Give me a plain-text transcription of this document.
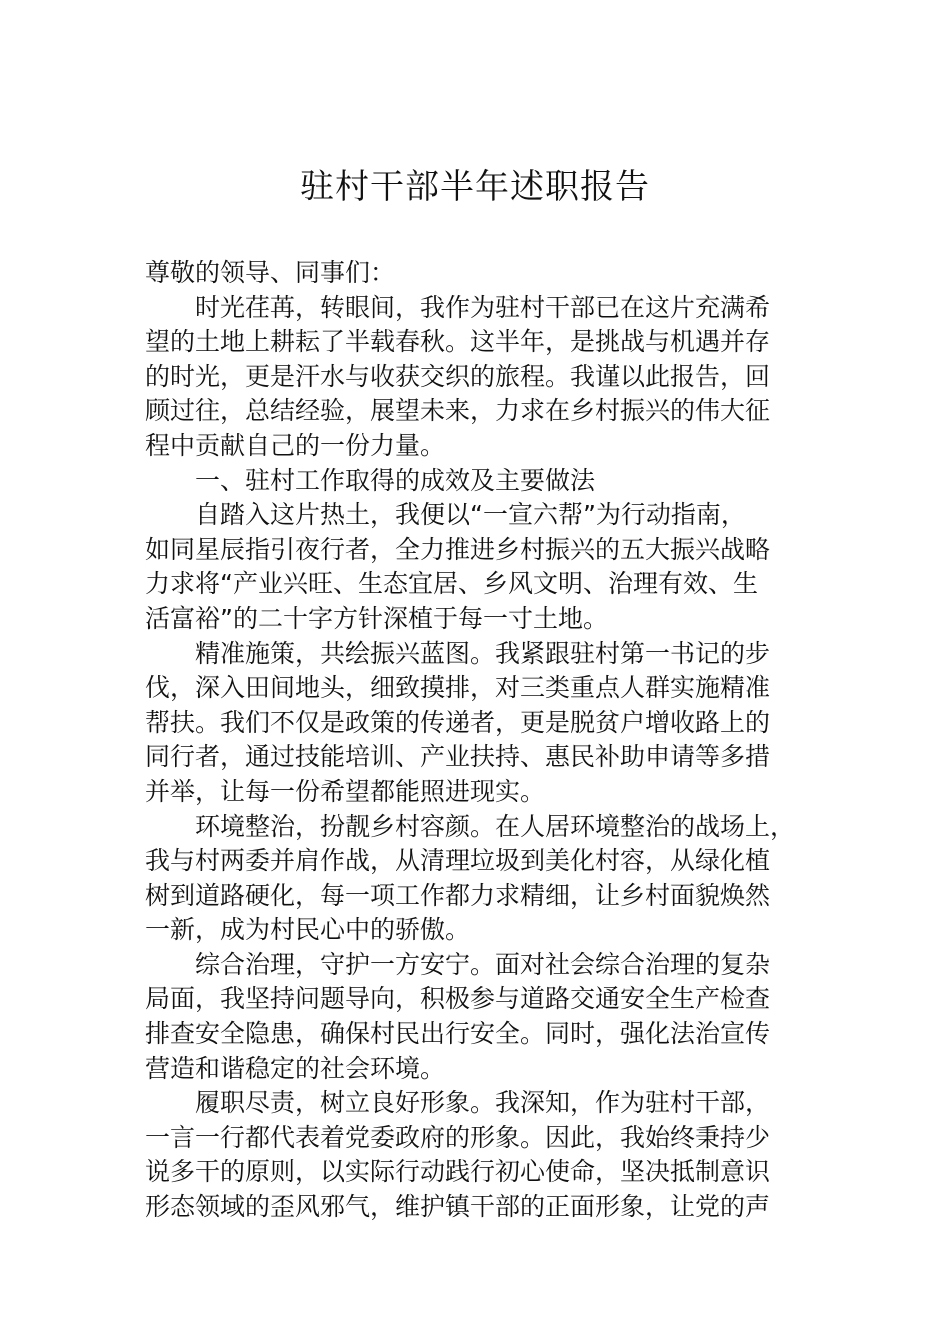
驻村干部半年述职报告
尊敬的领导、同事们：
时光荏苒，转眼间，我作为驻村干部已在这片充满希
望的土地上耕耘了半载春秋。这半年，是挑战与机遇并存
的时光，更是汗水与收获交织的旅程。我谨以此报告，回
顾过往，总结经验，展望未来，力求在乡村振兴的伟大征
程中贡献自己的一份力量。
一、驻村工作取得的成效及主要做法
自踏入这片热土，我便以“一宣六帮”为行动指南，
如同星辰指引夜行者，全力推进乡村振兴的五大振兴战略
力求将“产业兴旺、生态宜居、乡风文明、治理有效、生
活富裕”的二十字方针深植于每一寸土地。
精准施策，共绘振兴蓝图。我紧跟驻村第一书记的步
伐，深入田间地头，细致摸排，对三类重点人群实施精准
帮扶。我们不仅是政策的传递者，更是脱贫户增收路上的
同行者，通过技能培训、产业扶持、惠民补助申请等多措
并举，让每一份希望都能照进现实。
环境整治，扮靓乡村容颜。在人居环境整治的战场上，
我与村两委并肩作战，从清理垃圾到美化村容，从绿化植
树到道路硬化，每一项工作都力求精细，让乡村面貌焕然
一新，成为村民心中的骄傲。
综合治理，守护一方安宁。面对社会综合治理的复杂
局面，我坚持问题导向，积极参与道路交通安全生产检查
排查安全隐患，确保村民出行安全。同时，强化法治宣传
营造和谐稳定的社会环境。
履职尽责，树立良好形象。我深知，作为驻村干部，
一言一行都代表着党委政府的形象。因此，我始终秉持少
说多干的原则，以实际行动践行初心使命，坚决抵制意识
形态领域的歪风邪气，维护镇干部的正面形象，让党的声
